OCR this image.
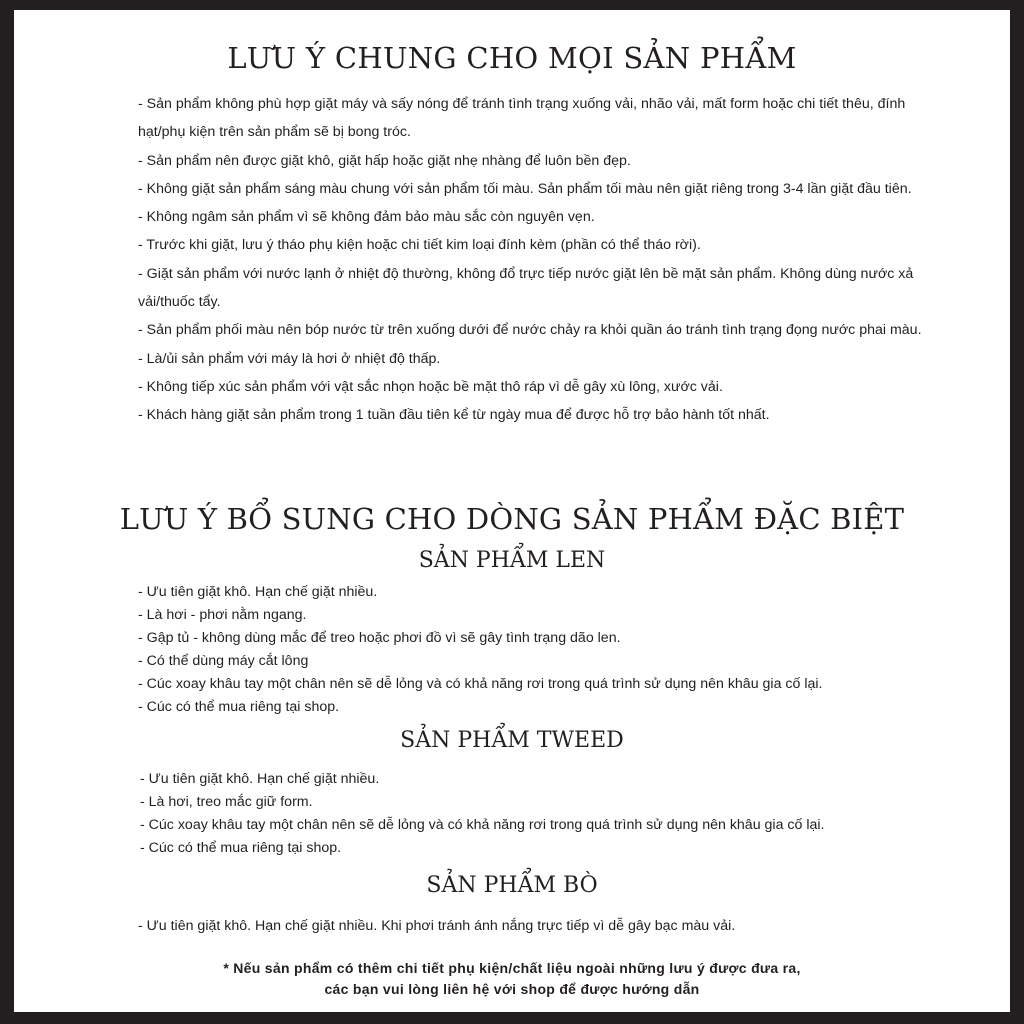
LƯU Ý CHUNG CHO MỌI SẢN PHẨM
- Sản phẩm không phù hợp giặt máy và sấy nóng để tránh tình trạng xuống vải, nhão vải, mất form hoặc chi tiết thêu, đính hạt/phụ kiện trên sản phẩm sẽ bị bong tróc.
- Sản phẩm nên được giặt khô, giặt hấp hoặc giặt nhẹ nhàng để luôn bền đẹp.
- Không giặt sản phẩm sáng màu chung với sản phẩm tối màu. Sản phẩm tối màu nên giặt riêng trong 3-4 lần giặt đầu tiên.
- Không ngâm sản phẩm vì sẽ không đảm bảo màu sắc còn nguyên vẹn.
- Trước khi giặt, lưu ý tháo phụ kiện hoặc chi tiết kim loại đính kèm (phần có thể tháo rời).
- Giặt sản phẩm với nước lạnh ở nhiệt độ thường, không đổ trực tiếp nước giặt lên bề mặt sản phẩm. Không dùng nước xả vải/thuốc tẩy.
- Sản phẩm phối màu nên bóp nước từ trên xuống dưới để nước chảy ra khỏi quần áo tránh tình trạng đọng nước phai màu.
- Là/ủi sản phẩm với máy là hơi ở nhiệt độ thấp.
- Không tiếp xúc sản phẩm với vật sắc nhọn hoặc bề mặt thô ráp vì dễ gây xù lông, xước vải.
- Khách hàng giặt sản phẩm trong 1 tuần đầu tiên kể từ ngày mua để được hỗ trợ bảo hành tốt nhất.
LƯU Ý BỔ SUNG CHO DÒNG SẢN PHẨM ĐẶC BIỆT
SẢN PHẨM LEN
- Ưu tiên giặt khô. Hạn chế giặt nhiều.
- Là hơi - phơi nằm ngang.
- Gập tủ - không dùng mắc để treo hoặc phơi đồ vì sẽ gây tình trạng dão len.
- Có thể dùng máy cắt lông
- Cúc xoay khâu tay một chân nên sẽ dễ lỏng và có khả năng rơi trong quá trình sử dụng nên khâu gia cố lại.
- Cúc có thể mua riêng tại shop.
SẢN PHẨM TWEED
- Ưu tiên giặt khô. Hạn chế giặt nhiều.
- Là hơi, treo mắc giữ form.
- Cúc xoay khâu tay một chân nên sẽ dễ lỏng và có khả năng rơi trong quá trình sử dụng nên khâu gia cố lại.
- Cúc có thể mua riêng tại shop.
SẢN PHẨM BÒ
- Ưu tiên giặt khô. Hạn chế giặt nhiều. Khi phơi tránh ánh nắng trực tiếp vì dễ gây bạc màu vải.
* Nếu sản phẩm có thêm chi tiết phụ kiện/chất liệu ngoài những lưu ý được đưa ra,
các bạn vui lòng liên hệ với shop để được hướng dẫn
